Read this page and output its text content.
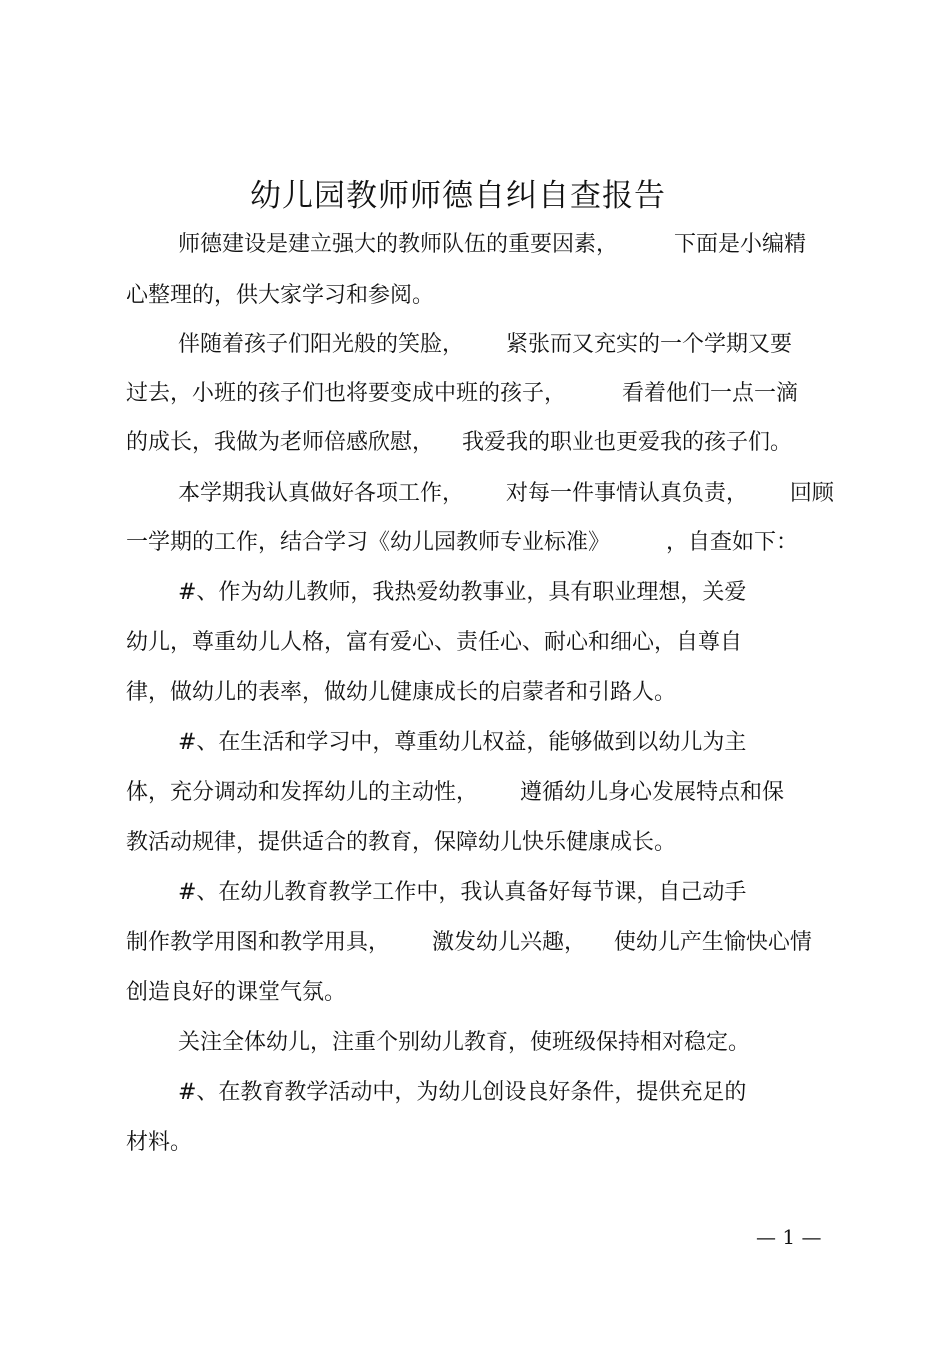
幼儿园教师师德自纠自查报告

师德建设是建立强大的教师队伍的重要因素，        下面是小编精

心整理的，供大家学习和参阅。

伴随着孩子们阳光般的笑脸，      紧张而又充实的一个学期又要

过去，小班的孩子们也将要变成中班的孩子，        看着他们一点一滴

的成长，我做为老师倍感欣慰，    我爱我的职业也更爱我的孩子们。

本学期我认真做好各项工作，      对每一件事情认真负责，      回顾

一学期的工作，结合学习《幼儿园教师专业标准》        ，自查如下：

#、作为幼儿教师，我热爱幼教事业，具有职业理想，关爱

幼儿，尊重幼儿人格，富有爱心、责任心、耐心和细心，自尊自

律，做幼儿的表率，做幼儿健康成长的启蒙者和引路人。

#、在生活和学习中，尊重幼儿权益，能够做到以幼儿为主

体，充分调动和发挥幼儿的主动性，      遵循幼儿身心发展特点和保

教活动规律，提供适合的教育，保障幼儿快乐健康成长。

#、在幼儿教育教学工作中，我认真备好每节课，自己动手

制作教学用图和教学用具，      激发幼儿兴趣，    使幼儿产生愉快心情

创造良好的课堂气氛。

关注全体幼儿，注重个别幼儿教育，使班级保持相对稳定。

#、在教育教学活动中，为幼儿创设良好条件，提供充足的

材料。

— 1 —
